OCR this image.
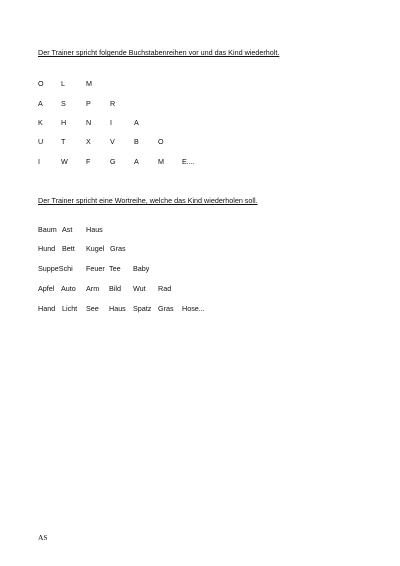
Der Trainer spricht folgende Buchstabenreihen vor und das Kind wiederholt.
O L	M
A	S	P	R
K	H	N	I	A
U T	X	V	B	O
I	W	F	G	A	M	E....
Der Trainer spricht eine Wortreihe, welche das Kind wiederholen soll.
Baum Ast Haus
Hund Bett Kugel Gras
SuppeSchi Feuer Tee Baby
Apfel Auto Arm Bild Wut Rad
Hand Licht See Haus Spatz Gras Hose...
AS
